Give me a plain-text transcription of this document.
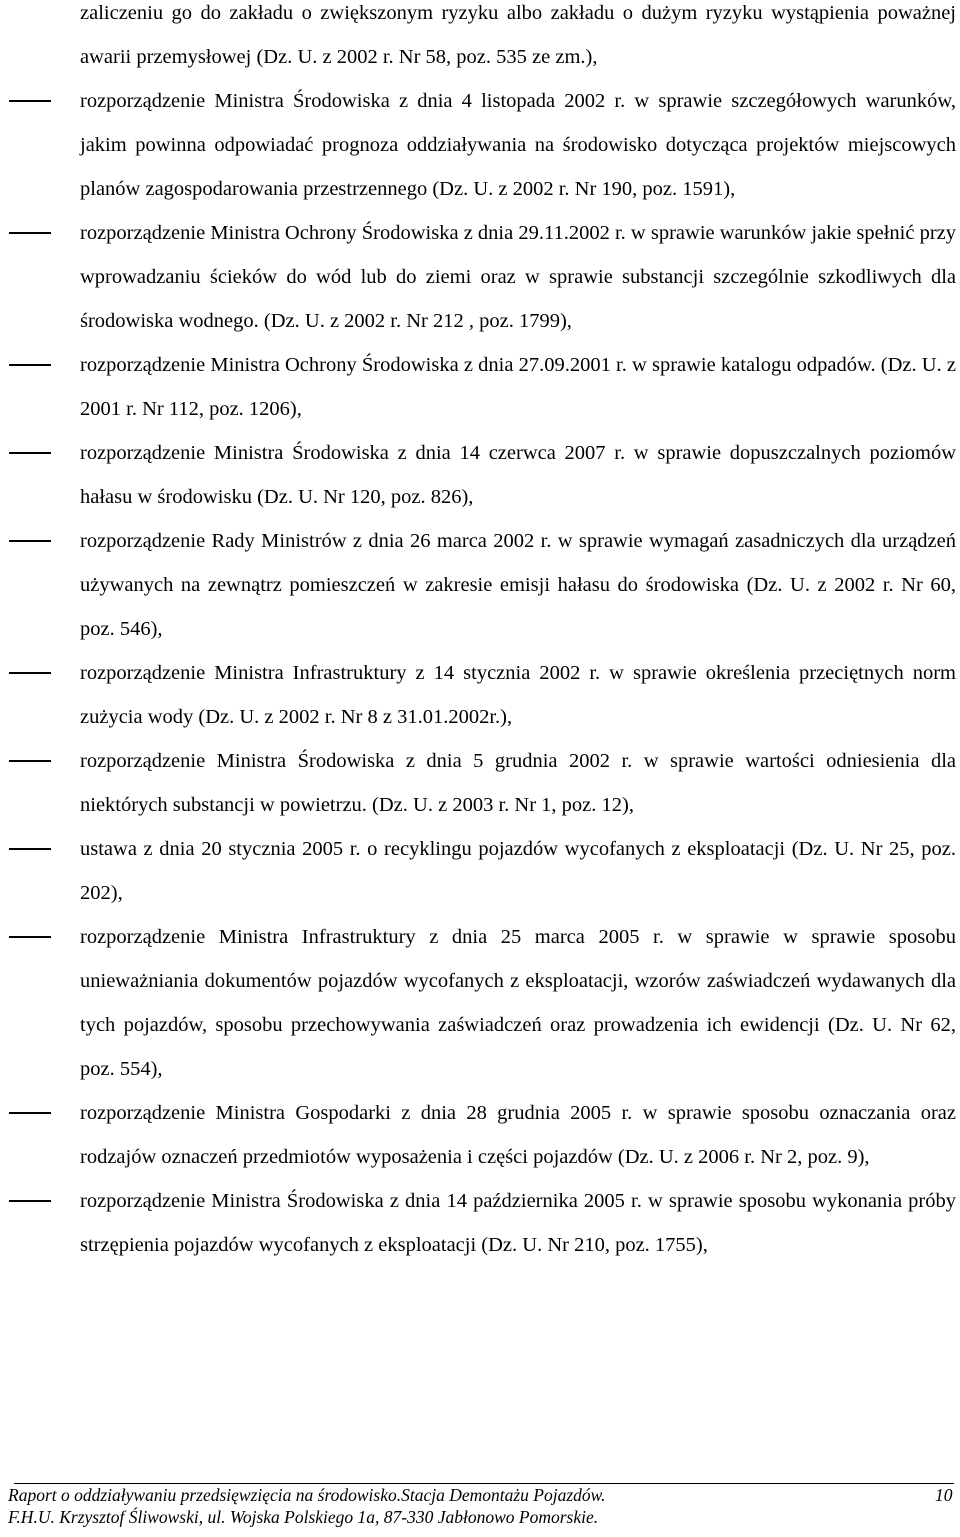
zaliczeniu go do zakładu o zwiększonym ryzyku albo zakładu o dużym ryzyku wystąpienia poważnej awarii przemysłowej (Dz. U. z 2002 r. Nr 58, poz. 535 ze zm.),
rozporządzenie Ministra Środowiska z dnia 4 listopada 2002 r. w sprawie szczegółowych warunków, jakim powinna odpowiadać prognoza oddziaływania na środowisko dotycząca projektów miejscowych planów zagospodarowania przestrzennego (Dz. U. z 2002 r. Nr 190, poz. 1591),
rozporządzenie Ministra Ochrony Środowiska z dnia 29.11.2002 r. w sprawie warunków jakie spełnić przy wprowadzaniu ścieków do wód lub do ziemi oraz w sprawie substancji szczególnie szkodliwych dla środowiska wodnego. (Dz. U. z 2002 r. Nr 212 , poz. 1799),
rozporządzenie Ministra Ochrony Środowiska z dnia 27.09.2001 r. w sprawie katalogu odpadów. (Dz. U. z 2001 r. Nr 112, poz. 1206),
rozporządzenie Ministra Środowiska z dnia 14 czerwca 2007 r. w sprawie dopuszczalnych poziomów hałasu w środowisku (Dz. U. Nr 120, poz. 826),
rozporządzenie Rady Ministrów z dnia 26 marca 2002 r. w sprawie wymagań zasadniczych dla urządzeń używanych na zewnątrz pomieszczeń w zakresie emisji hałasu do środowiska (Dz. U. z 2002 r. Nr 60, poz. 546),
rozporządzenie Ministra Infrastruktury z 14 stycznia 2002 r. w sprawie określenia przeciętnych norm zużycia wody (Dz. U. z 2002 r. Nr 8 z 31.01.2002r.),
rozporządzenie Ministra Środowiska z dnia 5 grudnia 2002 r. w sprawie wartości odniesienia dla niektórych substancji w powietrzu. (Dz. U. z 2003 r. Nr 1, poz. 12),
ustawa z dnia 20 stycznia 2005 r. o recyklingu pojazdów wycofanych z eksploatacji (Dz. U. Nr 25, poz. 202),
rozporządzenie Ministra Infrastruktury z dnia 25 marca 2005 r. w sprawie w sprawie sposobu unieważniania dokumentów pojazdów wycofanych z eksploatacji, wzorów zaświadczeń wydawanych dla tych pojazdów, sposobu przechowywania zaświadczeń oraz prowadzenia ich ewidencji (Dz. U. Nr 62, poz. 554),
rozporządzenie Ministra Gospodarki z dnia 28 grudnia 2005 r. w sprawie sposobu oznaczania oraz rodzajów oznaczeń przedmiotów wyposażenia i części pojazdów (Dz. U. z 2006 r. Nr 2, poz. 9),
rozporządzenie Ministra Środowiska z dnia 14 października 2005 r. w sprawie sposobu wykonania próby strzępienia pojazdów wycofanych z eksploatacji (Dz. U. Nr 210, poz. 1755),
Raport o oddziaływaniu przedsięwzięcia na środowisko.Stacja Demontażu Pojazdów.	10
F.H.U. Krzysztof Śliwowski, ul. Wojska Polskiego 1a, 87-330 Jabłonowo Pomorskie.
